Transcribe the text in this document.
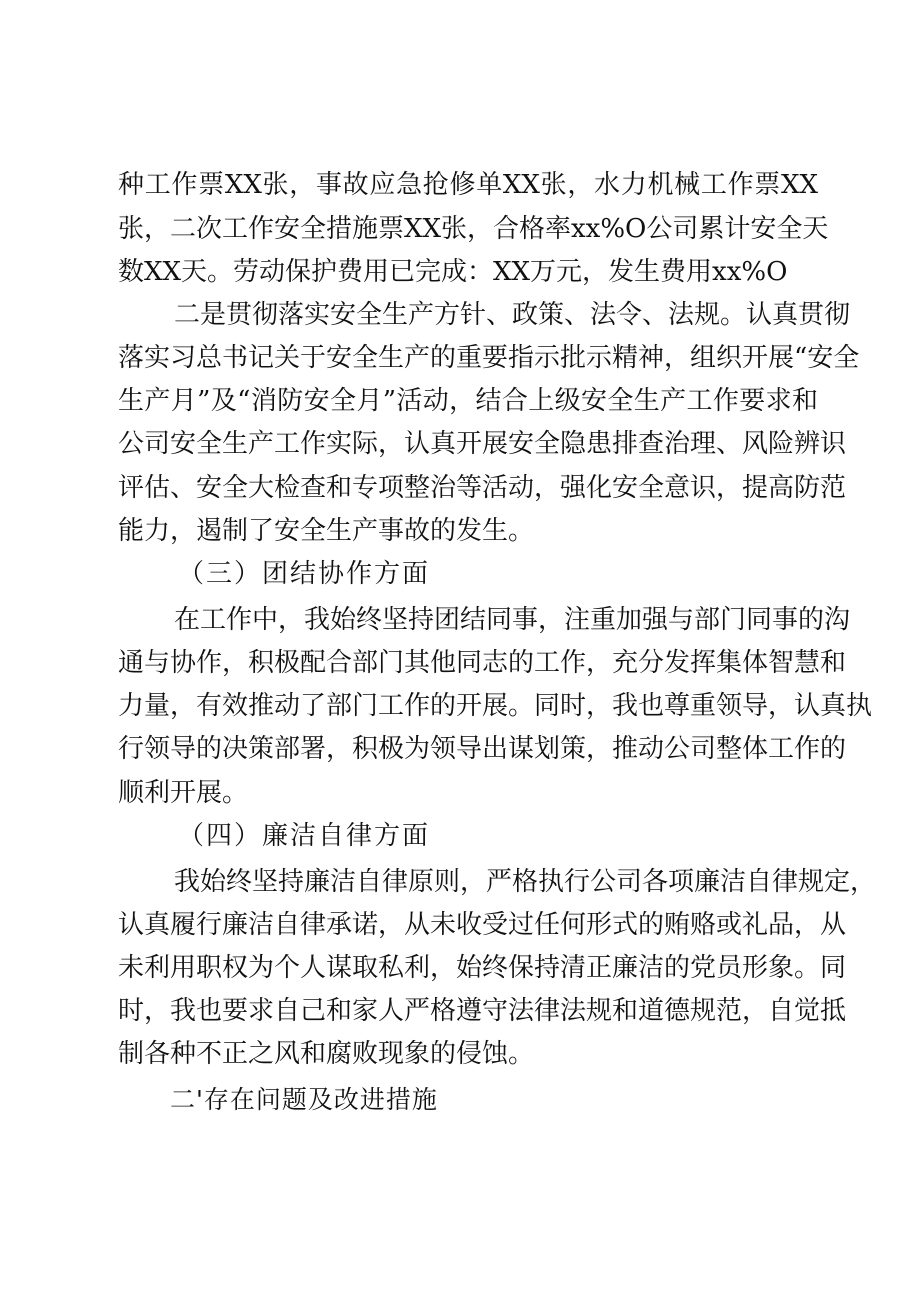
种工作票XX张，事故应急抢修单XX张，水力机械工作票XX
张，二次工作安全措施票XX张，合格率xx%O公司累计安全天
数XX天。劳动保护费用已完成：XX万元，发生费用xx%O
二是贯彻落实安全生产方针、政策、法令、法规。认真贯彻
落实习总书记关于安全生产的重要指示批示精神，组织开展“安全
生产月”及“消防安全月”活动，结合上级安全生产工作要求和
公司安全生产工作实际，认真开展安全隐患排查治理、风险辨识
评估、安全大检查和专项整治等活动，强化安全意识，提高防范
能力，遏制了安全生产事故的发生。
（三）团结协作方面
在工作中，我始终坚持团结同事，注重加强与部门同事的沟
通与协作，积极配合部门其他同志的工作，充分发挥集体智慧和
力量，有效推动了部门工作的开展。同时，我也尊重领导，认真执
行领导的决策部署，积极为领导出谋划策，推动公司整体工作的
顺利开展。
（四）廉洁自律方面
我始终坚持廉洁自律原则，严格执行公司各项廉洁自律规定，
认真履行廉洁自律承诺，从未收受过任何形式的贿赂或礼品，从
未利用职权为个人谋取私利，始终保持清正廉洁的党员形象。同
时，我也要求自己和家人严格遵守法律法规和道德规范，自觉抵
制各种不正之风和腐败现象的侵蚀。
二'存在问题及改进措施
